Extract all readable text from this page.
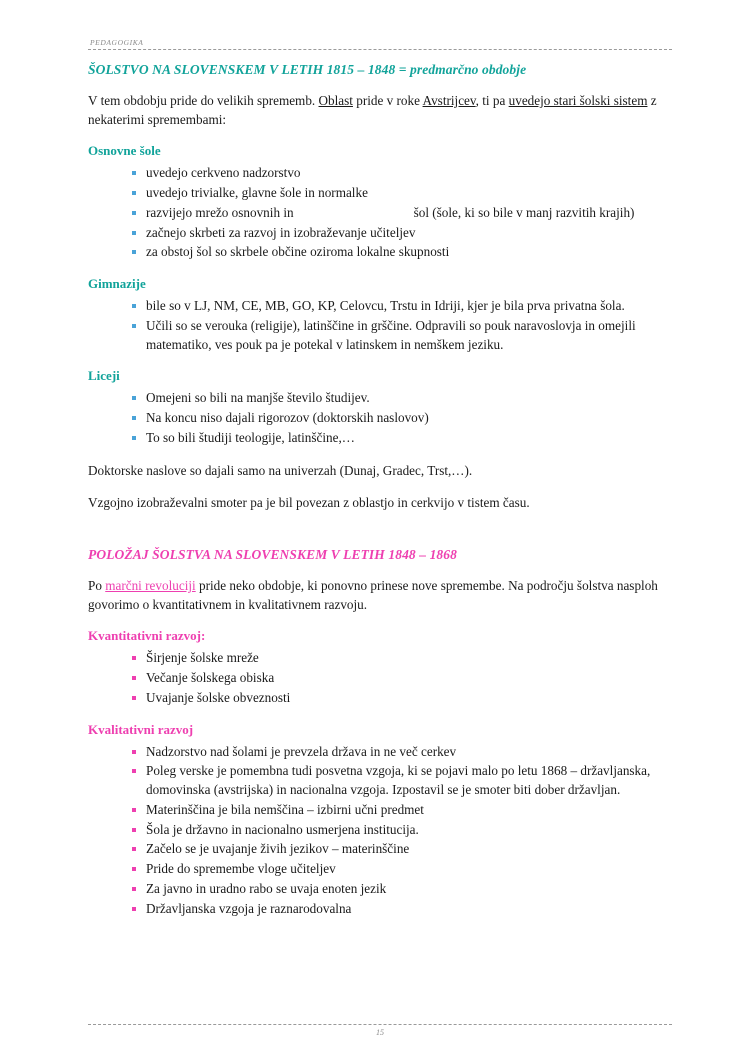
PEDAGOGIKA
ŠOLSTVO NA SLOVENSKEM V LETIH 1815 – 1848 = predmarčno obdobje

V tem obdobju pride do velikih sprememb. Oblast pride v roke Avstrijcev, ti pa uvedejo stari šolski sistem z nekaterimi spremembami:

Osnovne šole
uvedejo cerkveno nadzorstvo
uvedejo trivialke, glavne šole in normalke
razvijejo mrežo osnovnih in	šol (šole, ki so bile v manj razvitih krajih)
začnejo skrbeti za razvoj in izobraževanje učiteljev
za obstoj šol so skrbele občine oziroma lokalne skupnosti
Gimnazije
bile so v LJ, NM, CE, MB, GO, KP, Celovcu, Trstu in Idriji, kjer je bila prva privatna šola.
Učili so se verouka (religije), latinščine in grščine. Odpravili so pouk naravoslovja in omejili matematiko, ves pouk pa je potekal v latinskem in nemškem jeziku.
Liceji
Omejeni so bili na manjše število študijev.
Na koncu niso dajali rigorozov (doktorskih naslovov)
To so bili študiji teologije, latinščine,…

Doktorske naslove so dajali samo na univerzah (Dunaj, Gradec, Trst,…).

Vzgojno izobraževalni smoter pa je bil povezan z oblastjo in cerkvijo v tistem času.

POLOŽAJ ŠOLSTVA NA SLOVENSKEM V LETIH 1848 – 1868

Po marčni revoluciji pride neko obdobje, ki ponovno prinese nove spremembe. Na področju šolstva nasploh govorimo o kvantitativnem in kvalitativnem razvoju.

Kvantitativni razvoj:
Širjenje šolske mreže
Večanje šolskega obiska
Uvajanje šolske obveznosti
Kvalitativni razvoj
Nadzorstvo nad šolami je prevzela država in ne več cerkev
Poleg verske je pomembna tudi posvetna vzgoja, ki se pojavi malo po letu 1868 – državljanska, domovinska (avstrijska) in nacionalna vzgoja. Izpostavil se je smoter biti dober državljan.
Materinščina je bila nemščina – izbirni učni predmet
Šola je državno in nacionalno usmerjena institucija.
Začelo se je uvajanje živih jezikov – materinščine
Pride do spremembe vloge učiteljev
Za javno in uradno rabo se uvaja enoten jezik
Državljanska vzgoja je raznarodovalna
15
